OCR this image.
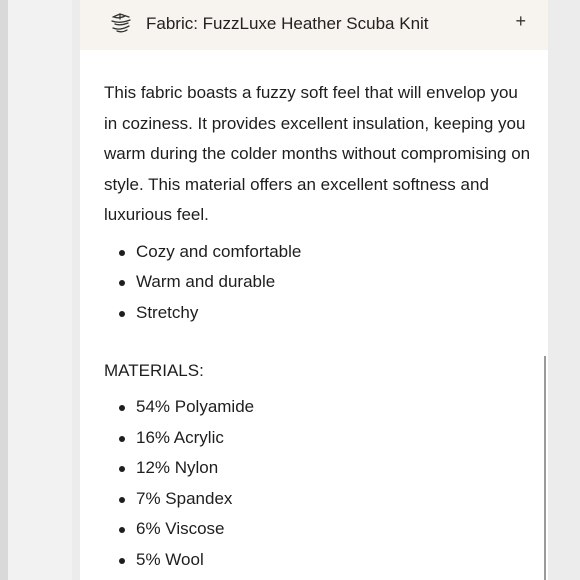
Fabric: FuzzLuxe Heather Scuba Knit	+

This fabric boasts a fuzzy soft feel that will envelop you in coziness. It provides excellent insulation, keeping you warm during the colder months without compromising on style. This material offers an excellent softness and luxurious feel.

Cozy and comfortable
Warm and durable
Stretchy
MATERIALS:
54% Polyamide
16% Acrylic
12% Nylon
7% Spandex
6% Viscose
5% Wool
